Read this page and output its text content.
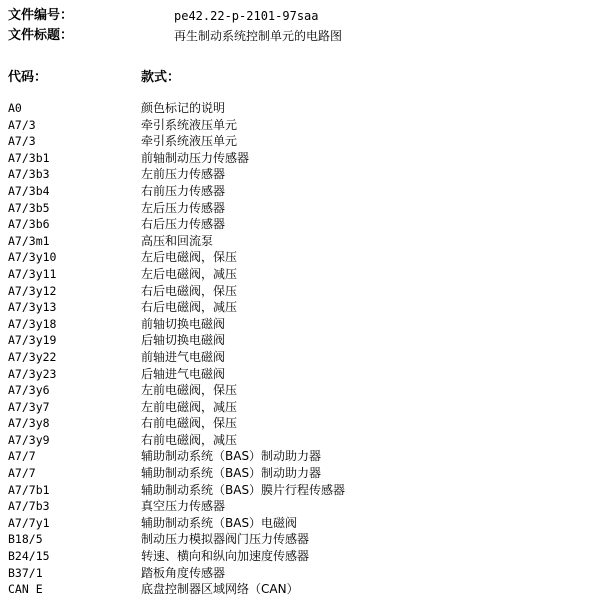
文件编号：	pe42.22-p-2101-97saa
文件标题：	再生制动系统控制单元的电路图
代码：	款式：
A0	颜色标记的说明
A7/3	牵引系统液压单元
A7/3	牵引系统液压单元
A7/3b1	前轴制动压力传感器
A7/3b3	左前压力传感器
A7/3b4	右前压力传感器
A7/3b5	左后压力传感器
A7/3b6	右后压力传感器
A7/3m1	高压和回流泵
A7/3y10	左后电磁阀，保压
A7/3y11	左后电磁阀，减压
A7/3y12	右后电磁阀，保压
A7/3y13	右后电磁阀，减压
A7/3y18	前轴切换电磁阀
A7/3y19	后轴切换电磁阀
A7/3y22	前轴进气电磁阀
A7/3y23	后轴进气电磁阀
A7/3y6	左前电磁阀，保压
A7/3y7	左前电磁阀，减压
A7/3y8	右前电磁阀，保压
A7/3y9	右前电磁阀，减压
A7/7	辅助制动系统（BAS）制动助力器
A7/7	辅助制动系统（BAS）制动助力器
A7/7b1	辅助制动系统（BAS）膜片行程传感器
A7/7b3	真空压力传感器
A7/7y1	辅助制动系统（BAS）电磁阀
B18/5	制动压力模拟器阀门压力传感器
B24/15	转速、横向和纵向加速度传感器
B37/1	踏板角度传感器
CAN E	底盘控制器区域网络（CAN）
